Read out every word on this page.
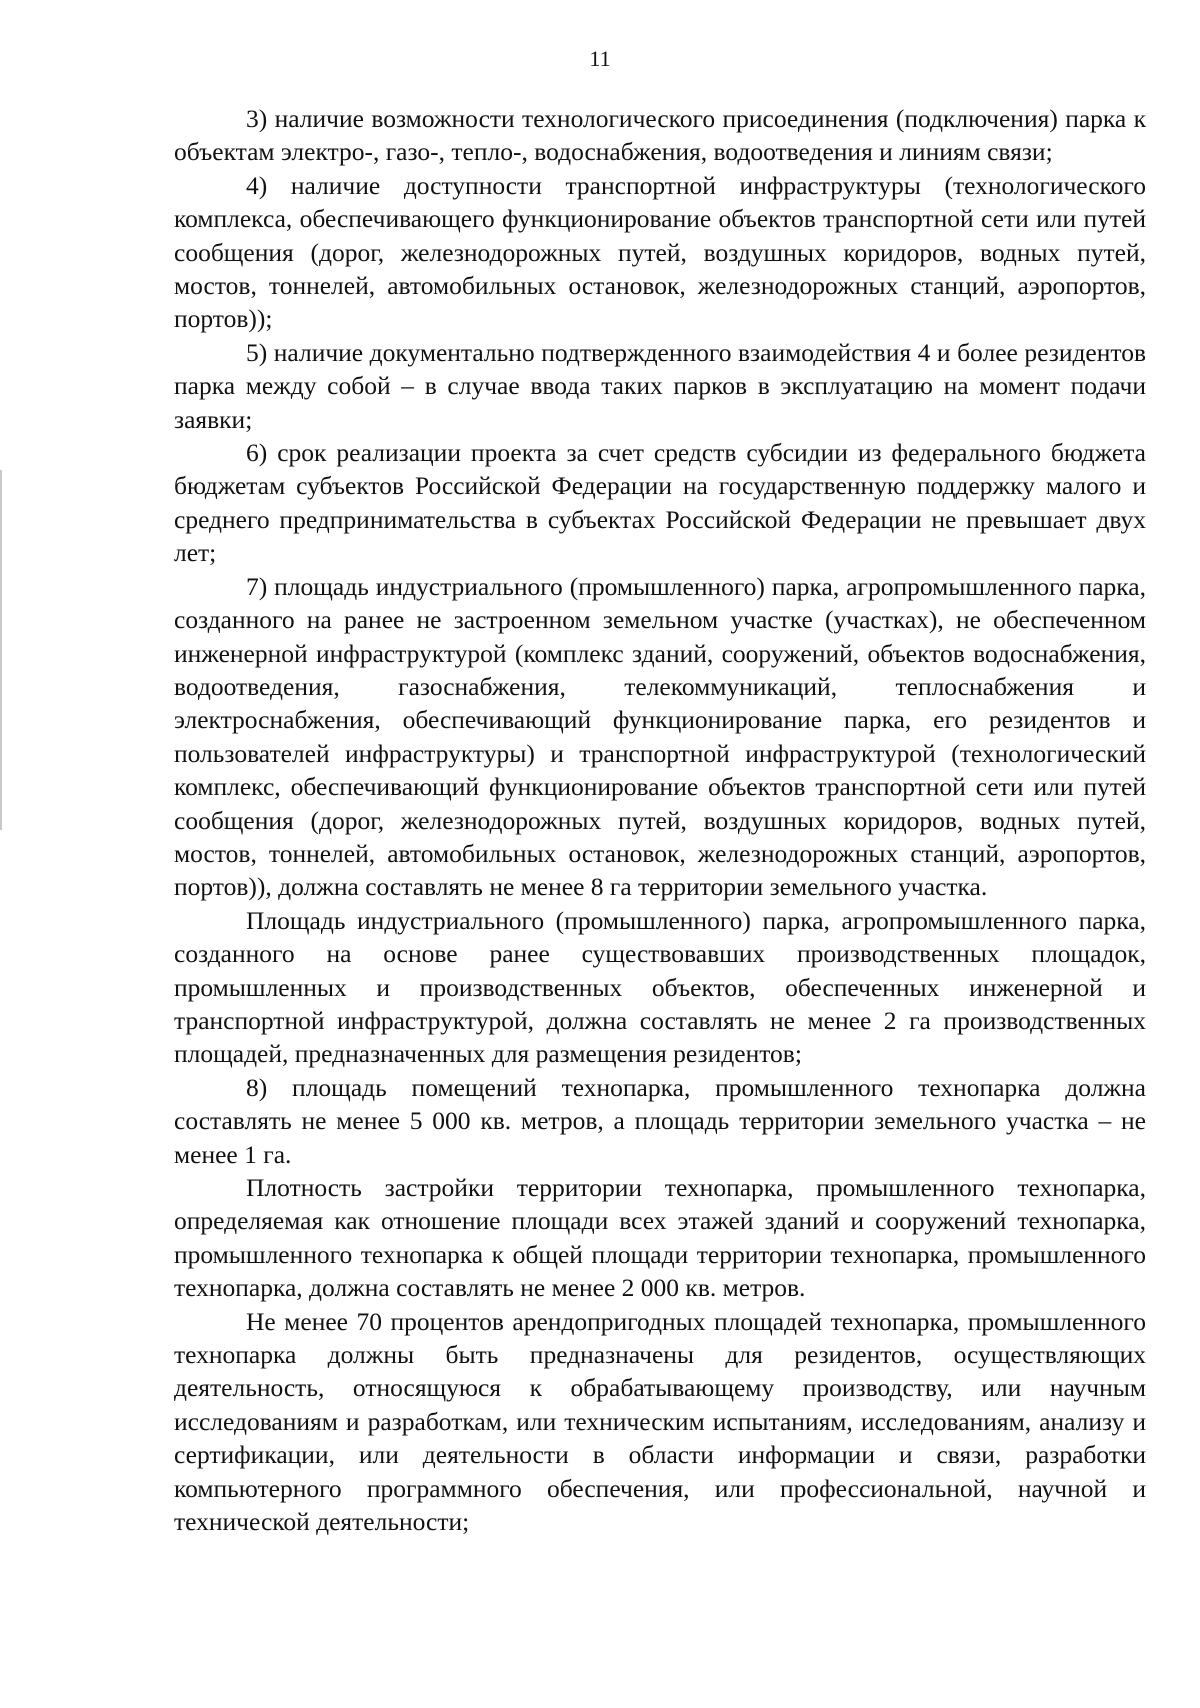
11

3) наличие возможности технологического присоединения (подключения) парка к объектам электро-, газо-, тепло-, водоснабжения, водоотведения и линиям связи;

4) наличие доступности транспортной инфраструктуры (технологического комплекса, обеспечивающего функционирование объектов транспортной сети или путей сообщения (дорог, железнодорожных путей, воздушных коридоров, водных путей, мостов, тоннелей, автомобильных остановок, железнодорожных станций, аэропортов, портов));

5) наличие документально подтвержденного взаимодействия 4 и более резидентов парка между собой – в случае ввода таких парков в эксплуатацию на момент подачи заявки;

6) срок реализации проекта за счет средств субсидии из федерального бюджета бюджетам субъектов Российской Федерации на государственную поддержку малого и среднего предпринимательства в субъектах Российской Федерации не превышает двух лет;

7) площадь индустриального (промышленного) парка, агропромышленного парка, созданного на ранее не застроенном земельном участке (участках), не обеспеченном инженерной инфраструктурой (комплекс зданий, сооружений, объектов водоснабжения, водоотведения, газоснабжения, телекоммуникаций, теплоснабжения и электроснабжения, обеспечивающий функционирование парка, его резидентов и пользователей инфраструктуры) и транспортной инфраструктурой (технологический комплекс, обеспечивающий функционирование объектов транспортной сети или путей сообщения (дорог, железнодорожных путей, воздушных коридоров, водных путей, мостов, тоннелей, автомобильных остановок, железнодорожных станций, аэропортов, портов)), должна составлять не менее 8 га территории земельного участка.

Площадь индустриального (промышленного) парка, агропромышленного парка, созданного на основе ранее существовавших производственных площадок, промышленных и производственных объектов, обеспеченных инженерной и транспортной инфраструктурой, должна составлять не менее 2 га производственных площадей, предназначенных для размещения резидентов;

8) площадь помещений технопарка, промышленного технопарка должна составлять не менее 5 000 кв. метров, а площадь территории земельного участка – не менее 1 га.

Плотность застройки территории технопарка, промышленного технопарка, определяемая как отношение площади всех этажей зданий и сооружений технопарка, промышленного технопарка к общей площади территории технопарка, промышленного технопарка, должна составлять не менее 2 000 кв. метров.

Не менее 70 процентов арендопригодных площадей технопарка, промышленного технопарка должны быть предназначены для резидентов, осуществляющих деятельность, относящуюся к обрабатывающему производству, или научным исследованиям и разработкам, или техническим испытаниям, исследованиям, анализу и сертификации, или деятельности в области информации и связи, разработки компьютерного программного обеспечения, или профессиональной, научной и технической деятельности;
